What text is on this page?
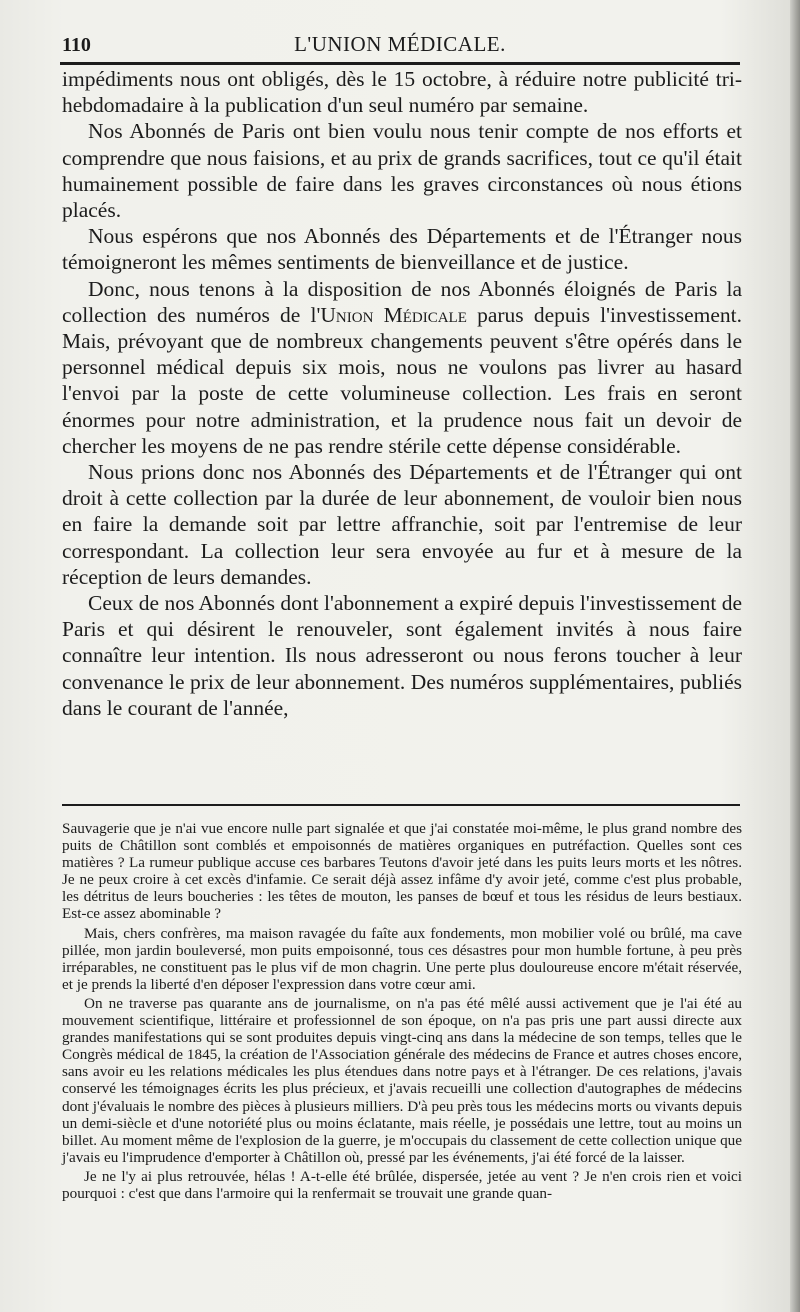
110	L'UNION MÉDICALE.

impédiments nous ont obligés, dès le 15 octobre, à réduire notre publicité tri-hebdomadaire à la publication d'un seul numéro par semaine.

Nos Abonnés de Paris ont bien voulu nous tenir compte de nos efforts et comprendre que nous faisions, et au prix de grands sacrifices, tout ce qu'il était humainement possible de faire dans les graves circonstances où nous étions placés.

Nous espérons que nos Abonnés des Départements et de l'Étranger nous témoigneront les mêmes sentiments de bienveillance et de justice.

Donc, nous tenons à la disposition de nos Abonnés éloignés de Paris la collection des numéros de l'Union Médicale parus depuis l'investissement. Mais, prévoyant que de nombreux changements peuvent s'être opérés dans le personnel médical depuis six mois, nous ne voulons pas livrer au hasard l'envoi par la poste de cette volumineuse collection. Les frais en seront énormes pour notre administration, et la prudence nous fait un devoir de chercher les moyens de ne pas rendre stérile cette dépense considérable.

Nous prions donc nos Abonnés des Départements et de l'Étranger qui ont droit à cette collection par la durée de leur abonnement, de vouloir bien nous en faire la demande soit par lettre affranchie, soit par l'entremise de leur correspondant. La collection leur sera envoyée au fur et à mesure de la réception de leurs demandes.

Ceux de nos Abonnés dont l'abonnement a expiré depuis l'investissement de Paris et qui désirent le renouveler, sont également invités à nous faire connaître leur intention. Ils nous adresseront ou nous ferons toucher à leur convenance le prix de leur abonnement. Des numéros supplémentaires, publiés dans le courant de l'année,

Sauvagerie que je n'ai vue encore nulle part signalée et que j'ai constatée moi-même, le plus grand nombre des puits de Châtillon sont comblés et empoisonnés de matières organiques en putréfaction. Quelles sont ces matières ? La rumeur publique accuse ces barbares Teutons d'avoir jeté dans les puits leurs morts et les nôtres. Je ne peux croire à cet excès d'infamie. Ce serait déjà assez infâme d'y avoir jeté, comme c'est plus probable, les détritus de leurs boucheries : les têtes de mouton, les panses de bœuf et tous les résidus de leurs bestiaux. Est-ce assez abominable ?

Mais, chers confrères, ma maison ravagée du faîte aux fondements, mon mobilier volé ou brûlé, ma cave pillée, mon jardin bouleversé, mon puits empoisonné, tous ces désastres pour mon humble fortune, à peu près irréparables, ne constituent pas le plus vif de mon chagrin. Une perte plus douloureuse encore m'était réservée, et je prends la liberté d'en déposer l'expression dans votre cœur ami.

On ne traverse pas quarante ans de journalisme, on n'a pas été mêlé aussi activement que je l'ai été au mouvement scientifique, littéraire et professionnel de son époque, on n'a pas pris une part aussi directe aux grandes manifestations qui se sont produites depuis vingt-cinq ans dans la médecine de son temps, telles que le Congrès médical de 1845, la création de l'Association générale des médecins de France et autres choses encore, sans avoir eu les relations médicales les plus étendues dans notre pays et à l'étranger. De ces relations, j'avais conservé les témoignages écrits les plus précieux, et j'avais recueilli une collection d'autographes de médecins dont j'évaluais le nombre des pièces à plusieurs milliers. D'à peu près tous les médecins morts ou vivants depuis un demi-siècle et d'une notoriété plus ou moins éclatante, mais réelle, je possédais une lettre, tout au moins un billet. Au moment même de l'explosion de la guerre, je m'occupais du classement de cette collection unique que j'avais eu l'imprudence d'emporter à Châtillon où, pressé par les événements, j'ai été forcé de la laisser.

Je ne l'y ai plus retrouvée, hélas ! A-t-elle été brûlée, dispersée, jetée au vent ? Je n'en crois rien et voici pourquoi : c'est que dans l'armoire qui la renfermait se trouvait une grande quan-
